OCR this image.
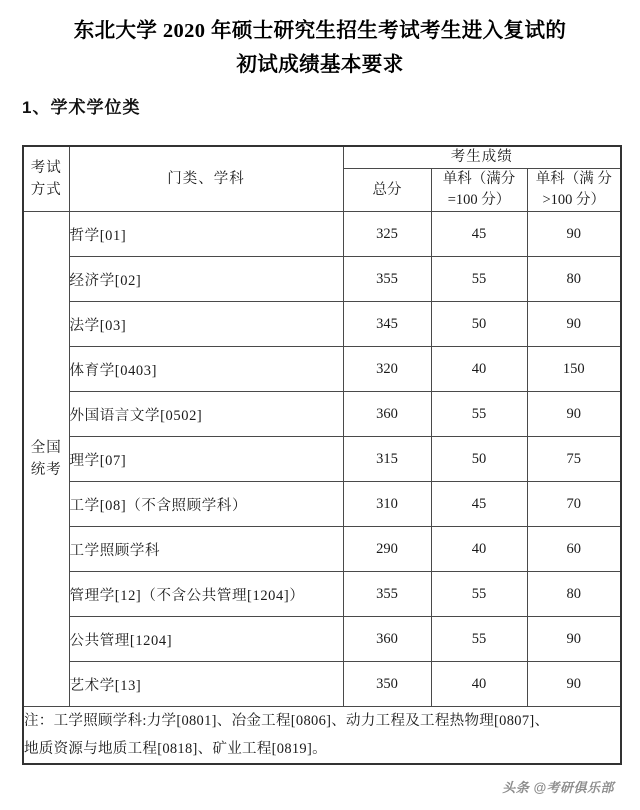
东北大学 2020 年硕士研究生招生考试考生进入复试的
初试成绩基本要求
1、学术学位类
考试 方式	门类、学科	考生成绩		
		总分	单科（满分 =100 分）	单科（满 分>100 分）

全国
统考	哲学[01]	325	45	90
	经济学[02]	355	55	80
	法学[03]	345	50	90
	体育学[0403]	320	40	150
	外国语言文学[0502]	360	55	90
	理学[07]	315	50	75
	工学[08]（不含照顾学科）	310	45	70
	工学照顾学科	290	40	60
	管理学[12]（不含公共管理[1204]）	355	55	80
	公共管理[1204]	360	55	90
	艺术学[13]	350	40	90

注：工学照顾学科:力学[0801]、冶金工程[0806]、动力工程及工程热物理[0807]、
地质资源与地质工程[0818]、矿业工程[0819]。				
头条 @考研俱乐部
